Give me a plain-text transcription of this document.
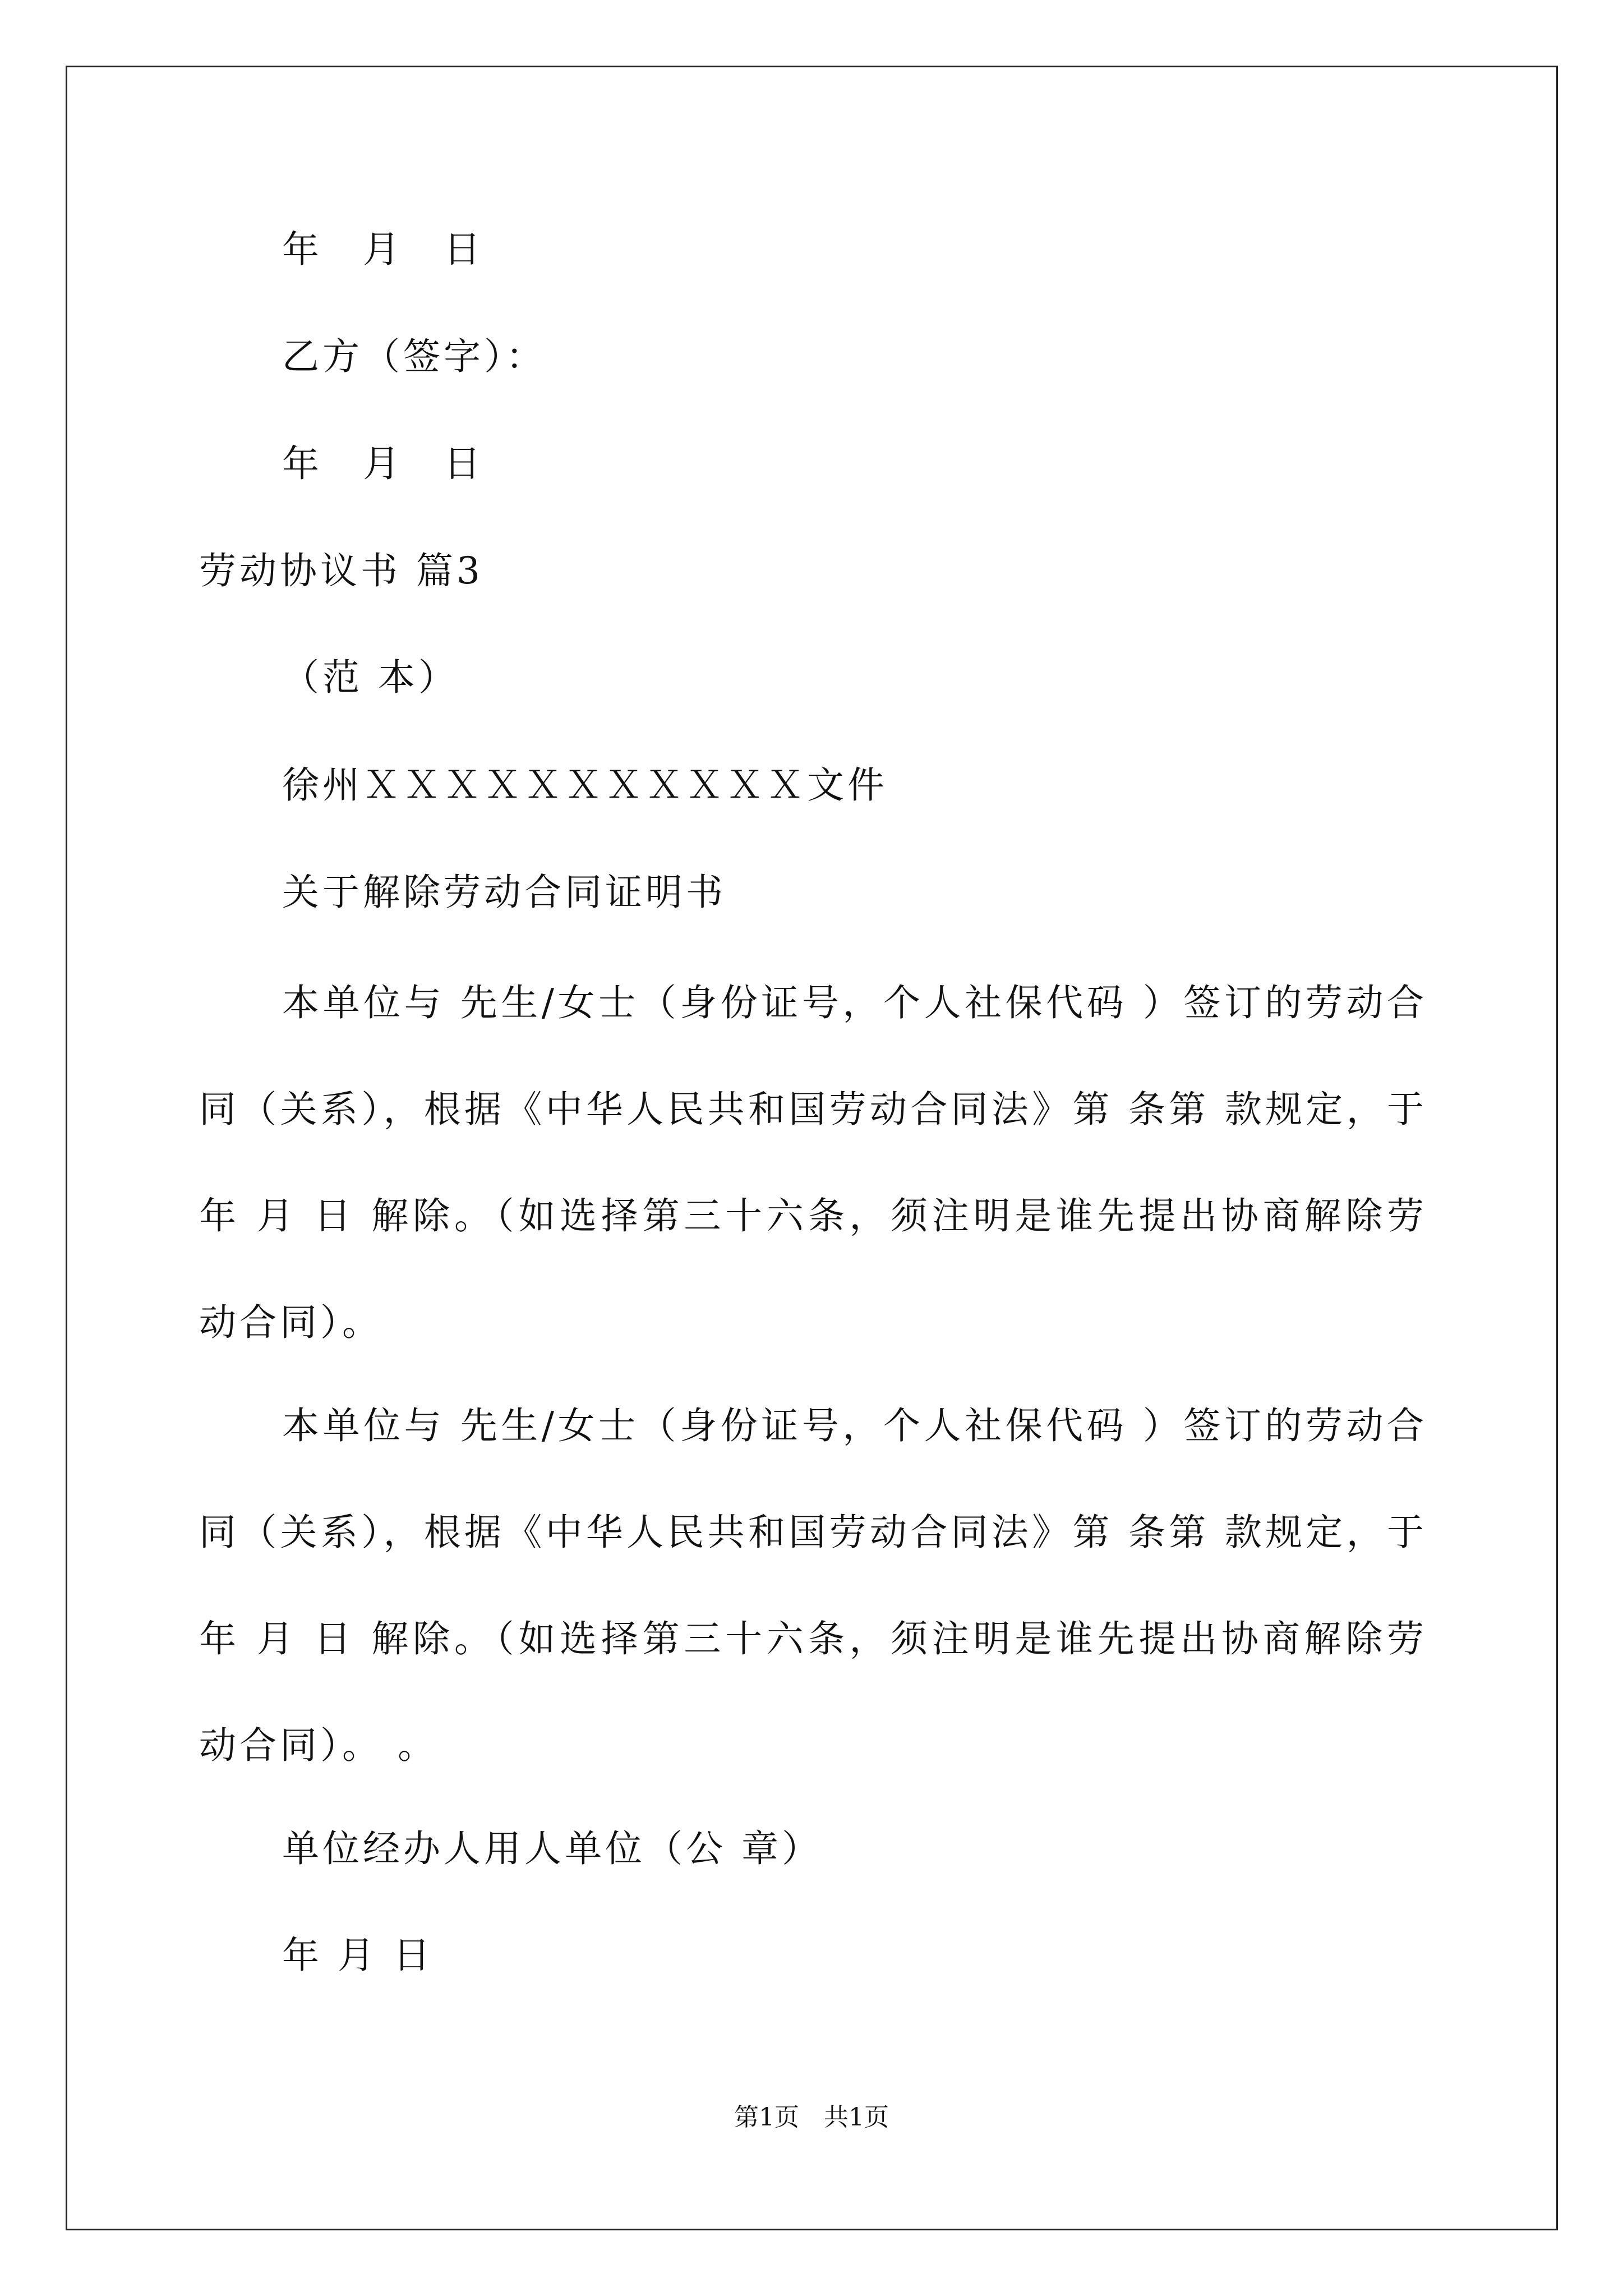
年　月　日
乙方（签字）：
年　月　日
劳动协议书 篇3
（范 本）
徐州ＸＸＸＸＸＸＸＸＸＸＸ文件
关于解除劳动合同证明书
本单位与 先生/女士（身份证号，个人社保代码 ）签订的劳动合同（关系），根据《中华人民共和国劳动合同法》第 条第 款规定，于 年 月 日 解除。（如选择第三十六条，须注明是谁先提出协商解除劳动合同）。
本单位与 先生/女士（身份证号，个人社保代码 ）签订的劳动合同（关系），根据《中华人民共和国劳动合同法》第 条第 款规定，于 年 月 日 解除。（如选择第三十六条，须注明是谁先提出协商解除劳动合同）。 。
单位经办人用人单位（公 章）
年 月 日
第1页　共1页
